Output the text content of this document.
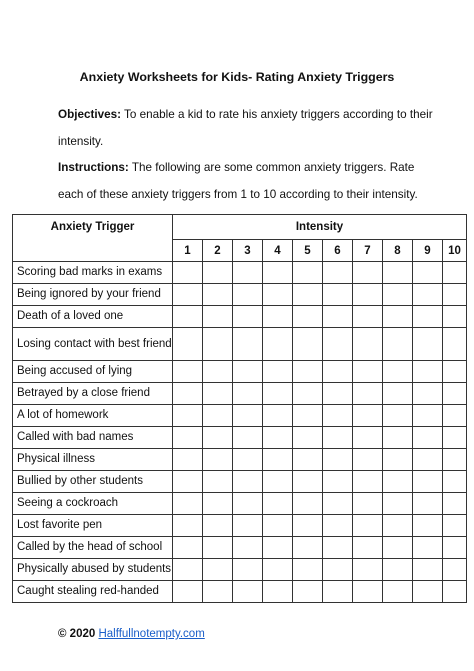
Anxiety Worksheets for Kids- Rating Anxiety Triggers
Objectives: To enable a kid to rate his anxiety triggers according to their
intensity.
Instructions: The following are some common anxiety triggers. Rate
each of these anxiety triggers from 1 to 10 according to their intensity.
Anxiety Trigger	Intensity									
	1	2	3	4	5	6	7	8	9	10
Scoring bad marks in exams										
Being ignored by your friend										
Death of a loved one										
Losing contact with best friend										
Being accused of lying										
Betrayed by a close friend										
A lot of homework										
Called with bad names										
Physical illness										
Bullied by other students										
Seeing a cockroach										
Lost favorite pen										
Called by the head of school										
Physically abused by students										
Caught stealing red-handed										
© 2020 Halffullnotempty.com
